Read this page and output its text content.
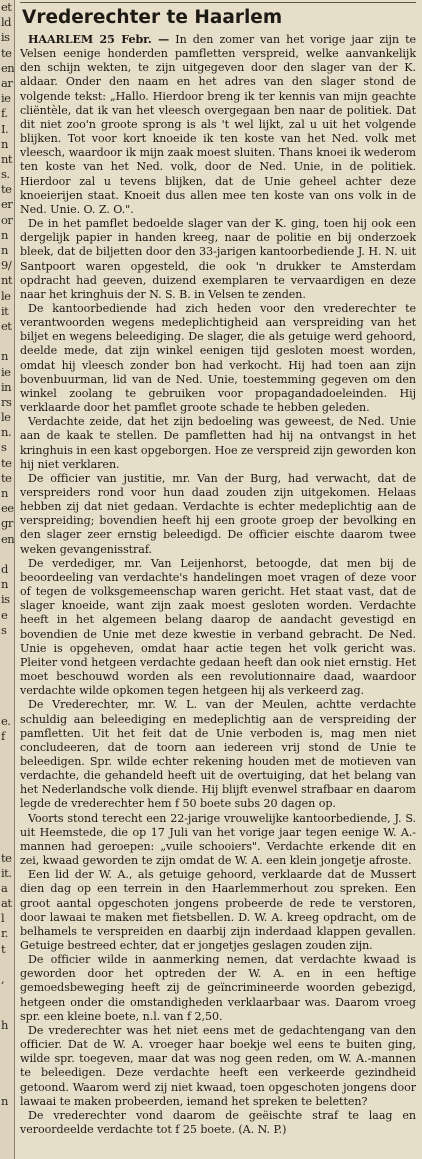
et
ld
is
te
en
ar
ie
f.
I.
n
nt
s.
te
er
or
n
n
9/
nt
le
it
et
n
ie
in
rs
le
n.
s
te
te
n
ee
gr
en
d
n
is
e
s
e.
f
te
it.
a
at
l
r.
t
,
h
n
Vrederechter te Haarlem

HAARLEM 25 Febr. — In den zomer van het vorige jaar zijn te Velsen eenige honderden pamfletten verspreid, welke aanvankelijk den schijn wekten, te zijn uitgegeven door den slager van der K. aldaar. Onder den naam en het adres van den slager stond de volgende tekst: „Hallo. Hierdoor breng ik ter kennis van mijn geachte cliëntèle, dat ik van het vleesch overgegaan ben naar de politiek. Dat dit niet zoo'n groote sprong is als 't wel lijkt, zal u uit het volgende blijken. Tot voor kort knoeide ik ten koste van het Ned. volk met vleesch, waardoor ik mijn zaak moest sluiten. Thans knoei ik wederom ten koste van het Ned. volk, door de Ned. Unie, in de politiek. Hierdoor zal u tevens blijken, dat de Unie geheel achter deze knoeierijen staat. Knoeit dus allen mee ten koste van ons volk in de Ned. Unie. O. Z. O.".

De in het pamflet bedoelde slager van der K. ging, toen hij ook een dergelijk papier in handen kreeg, naar de politie en bij onderzoek bleek, dat de biljetten door den 33-jarigen kantoorbediende J. H. N. uit Santpoort waren opgesteld, die ook 'n drukker te Amsterdam opdracht had geeven, duizend exemplaren te vervaardigen en deze naar het kringhuis der N. S. B. in Velsen te zenden.

De kantoorbediende had zich heden voor den vrederechter te verantwoorden wegens medeplichtigheid aan verspreiding van het biljet en wegens beleediging. De slager, die als getuige werd gehoord, deelde mede, dat zijn winkel eenigen tijd gesloten moest worden, omdat hij vleesch zonder bon had verkocht. Hij had toen aan zijn bovenbuurman, lid van de Ned. Unie, toestemming gegeven om den winkel zoolang te gebruiken voor propagandadoeleinden. Hij verklaarde door het pamflet groote schade te hebben geleden.

Verdachte zeide, dat het zijn bedoeling was geweest, de Ned. Unie aan de kaak te stellen. De pamfletten had hij na ontvangst in het kringhuis in een kast opgeborgen. Hoe ze verspreid zijn geworden kon hij niet verklaren.

De officier van justitie, mr. Van der Burg, had verwacht, dat de verspreiders rond voor hun daad zouden zijn uitgekomen. Helaas hebben zij dat niet gedaan. Verdachte is echter medeplichtig aan de verspreiding; bovendien heeft hij een groote groep der bevolking en den slager zeer ernstig beleedigd. De officier eischte daarom twee weken gevangenisstraf.

De verdediger, mr. Van Leijenhorst, betoogde, dat men bij de beoordeeling van verdachte's handelingen moet vragen of deze voor of tegen de volksgemeenschap waren gericht. Het staat vast, dat de slager knoeide, want zijn zaak moest gesloten worden. Verdachte heeft in het algemeen belang daarop de aandacht gevestigd en bovendien de Unie met deze kwestie in verband gebracht. De Ned. Unie is opgeheven, omdat haar actie tegen het volk gericht was. Pleiter vond hetgeen verdachte gedaan heeft dan ook niet ernstig. Het moet beschouwd worden als een revolutionnaire daad, waardoor verdachte wilde opkomen tegen hetgeen hij als verkeerd zag.

De Vrederechter, mr. W. L. van der Meulen, achtte verdachte schuldig aan beleediging en medeplichtig aan de verspreiding der pamfletten. Uit het feit dat de Unie verboden is, mag men niet concludeeren, dat de toorn aan iedereen vrij stond de Unie te beleedigen. Spr. wilde echter rekening houden met de motieven van verdachte, die gehandeld heeft uit de overtuiging, dat het belang van het Nederlandsche volk diende. Hij blijft evenwel strafbaar en daarom legde de vrederechter hem f 50 boete subs 20 dagen op.

Voorts stond terecht een 22-jarige vrouwelijke kantoorbediende, J. S. uit Heemstede, die op 17 Juli van het vorige jaar tegen eenige W. A.-mannen had geroepen: „vuile schooiers". Verdachte erkende dit en zei, kwaad geworden te zijn omdat de W. A. een klein jongetje afroste.

Een lid der W. A., als getuige gehoord, verklaarde dat de Mussert dien dag op een terrein in den Haarlemmerhout zou spreken. Een groot aantal opgeschoten jongens probeerde de rede te verstoren, door lawaai te maken met fietsbellen. D. W. A. kreeg opdracht, om de belhamels te verspreiden en daarbij zijn inderdaad klappen gevallen. Getuige bestreed echter, dat er jongetjes geslagen zouden zijn.

De officier wilde in aanmerking nemen, dat verdachte kwaad is geworden door het optreden der W. A. en in een heftige gemoedsbeweging heeft zij de geïncrimineerde woorden gebezigd, hetgeen onder die omstandigheden verklaarbaar was. Daarom vroeg spr. een kleine boete, n.l. van f 2,50.

De vrederechter was het niet eens met de gedachtengang van den officier. Dat de W. A. vroeger haar boekje wel eens te buiten ging, wilde spr. toegeven, maar dat was nog geen reden, om W. A.-mannen te beleedigen. Deze verdachte heeft een verkeerde gezindheid getoond. Waarom werd zij niet kwaad, toen opgeschoten jongens door lawaai te maken probeerden, iemand het spreken te beletten?

De vrederechter vond daarom de geëischte straf te laag en veroordeelde verdachte tot f 25 boete. (A. N. P.)
